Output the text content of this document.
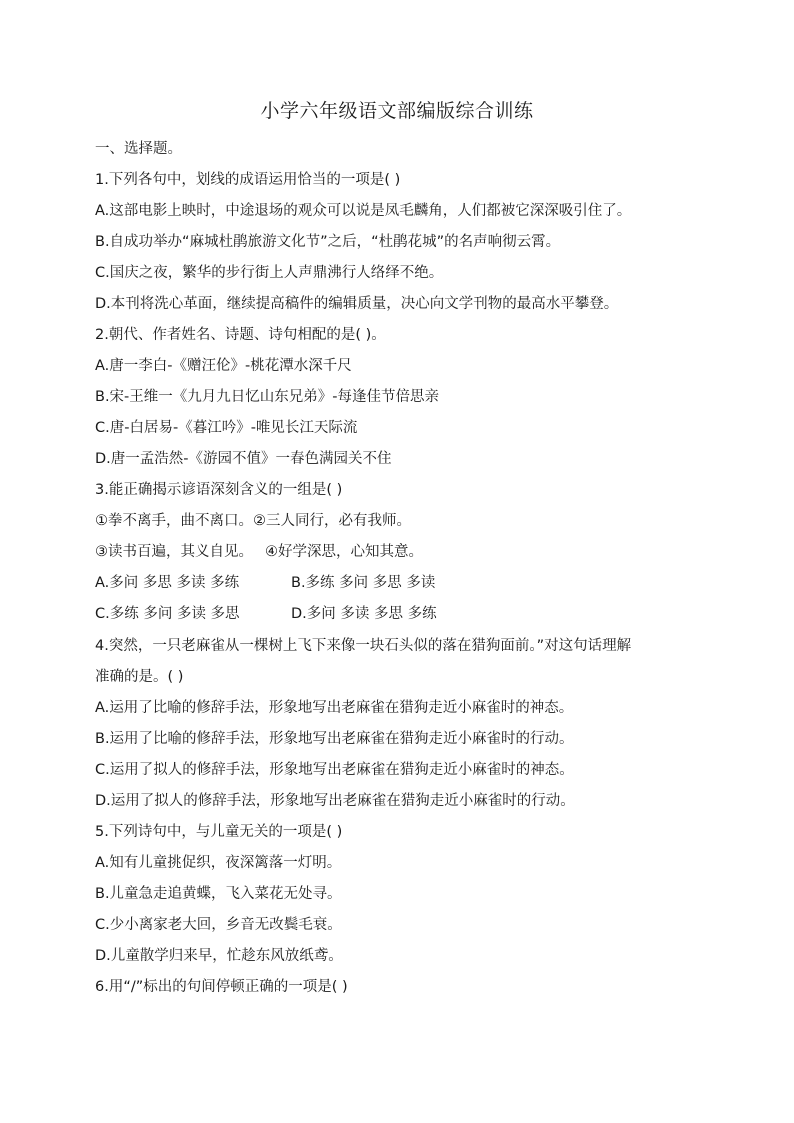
小学六年级语文部编版综合训练
一、选择题。
1.下列各句中，划线的成语运用恰当的一项是( )
A.这部电影上映时，中途退场的观众可以说是凤毛麟角，人们都被它深深吸引住了。
B.自成功举办“麻城杜鹃旅游文化节”之后，“杜鹃花城”的名声响彻云霄。
C.国庆之夜，繁华的步行街上人声鼎沸行人络绎不绝。
D.本刊将洗心革面，继续提高稿件的编辑质量，决心向文学刊物的最高水平攀登。
2.朝代、作者姓名、诗题、诗句相配的是( )。
A.唐一李白-《赠汪伦》-桃花潭水深千尺
B.宋-王维一《九月九日忆山东兄弟》-每逢佳节倍思亲
C.唐-白居易-《暮江吟》-唯见长江天际流
D.唐一孟浩然-《游园不值》一春色满园关不住
3.能正确揭示谚语深刻含义的一组是( )
①拳不离手，曲不离口。②三人同行，必有我师。
③读书百遍，其义自见。 ④好学深思，心知其意。
A.多问 多思 多读 多练	B.多练 多问 多思 多读
C.多练 多问 多读 多思	D.多问 多读 多思 多练
4.突然，一只老麻雀从一棵树上飞下来像一块石头似的落在猎狗面前。”对这句话理解
准确的是。( )
A.运用了比喻的修辞手法，形象地写出老麻雀在猎狗走近小麻雀时的神态。
B.运用了比喻的修辞手法，形象地写出老麻雀在猎狗走近小麻雀时的行动。
C.运用了拟人的修辞手法，形象地写出老麻雀在猎狗走近小麻雀时的神态。
D.运用了拟人的修辞手法，形象地写出老麻雀在猎狗走近小麻雀时的行动。
5.下列诗句中，与儿童无关的一项是( )
A.知有儿童挑促织，夜深篱落一灯明。
B.儿童急走追黄蝶，飞入菜花无处寻。
C.少小离家老大回，乡音无改鬓毛衰。
D.儿童散学归来早，忙趁东风放纸鸢。
6.用“/”标出的句间停顿正确的一项是( )
